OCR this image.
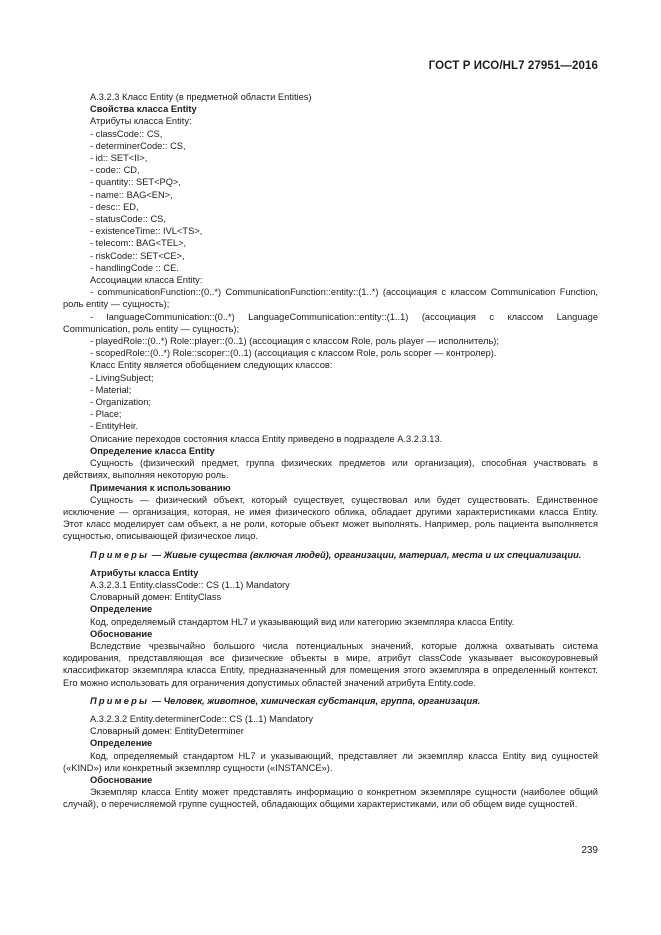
ГОСТ Р ИСО/HL7 27951—2016

А.3.2.3 Класс Entity (в предметной области Entities)

Свойства класса Entity

Атрибуты класса Entity:

- classCode:: CS,

- determinerCode:: CS,

- id:: SET<II>,

- code:: CD,

- quantity:: SET<PQ>,

- name:: BAG<EN>,

- desc:: ED,

- statusCode:: CS,

- existenceTime:: IVL<TS>,

- telecom:: BAG<TEL>,

- riskCode:: SET<CE>,

- handlingCode :: CE.

Ассоциации класса Entity:

- communicationFunction::(0..*) CommunicationFunction::entity::(1..*) (ассоциация с классом Communication Function, роль entity — сущность);

- languageCommunication::(0..*) LanguageCommunication::entity::(1..1) (ассоциация с классом Language Communication, роль entity — сущность);

- playedRole::(0..*) Role::player::(0..1) (ассоциация с классом Role, роль player — исполнитель);

- scopedRole::(0..*) Role::scoper::(0..1) (ассоциация с классом Role, роль scoper — контролер).

Класс Entity является обобщением следующих классов:

- LivingSubject;

- Material;

- Organization;

- Place;

- EntityHeir.

Описание переходов состояния класса Entity приведено в подразделе А.3.2.3.13.

Определение класса Entity

Сущность (физический предмет, группа физических предметов или организация), способная участвовать в действиях, выполняя некоторую роль.

Примечания к использованию

Сущность — физический объект, который существует, существовал или будет существовать. Единственное исключение — организация, которая, не имея физического облика, обладает другими характеристиками класса Entity. Этот класс моделирует сам объект, а не роли, которые объект может выполнять. Например, роль пациента выполняется сущностью, описывающей физическое лицо.

Примеры — Живые существа (включая людей), организации, материал, места и их специализации.

Атрибуты класса Entity

А.3.2.3.1 Entity.classCode:: CS (1..1) Mandatory

Словарный домен: EntityClass

Определение

Код, определяемый стандартом HL7 и указывающий вид или категорию экземпляра класса Entity.

Обоснование

Вследствие чрезвычайно большого числа потенциальных значений, которые должна охватывать система кодирования, представляющая все физические объекты в мире, атрибут classCode указывает высокоуровневый классификатор экземпляра класса Entity, предназначенный для помещения этого экземпляра в определенный контекст. Его можно использовать для ограничения допустимых областей значений атрибута Entity.code.

Примеры — Человек, животное, химическая субстанция, группа, организация.

А.3.2.3.2 Entity.determinerCode:: CS (1..1) Mandatory

Словарный домен: EntityDeterminer

Определение

Код, определяемый стандартом HL7 и указывающий, представляет ли экземпляр класса Entity вид сущностей («KIND») или конкретный экземпляр сущности («INSTANCE»).

Обоснование

Экземпляр класса Entity может представлять информацию о конкретном экземпляре сущности (наиболее общий случай), о перечисляемой группе сущностей, обладающих общими характеристиками, или об общем виде сущностей.

239
